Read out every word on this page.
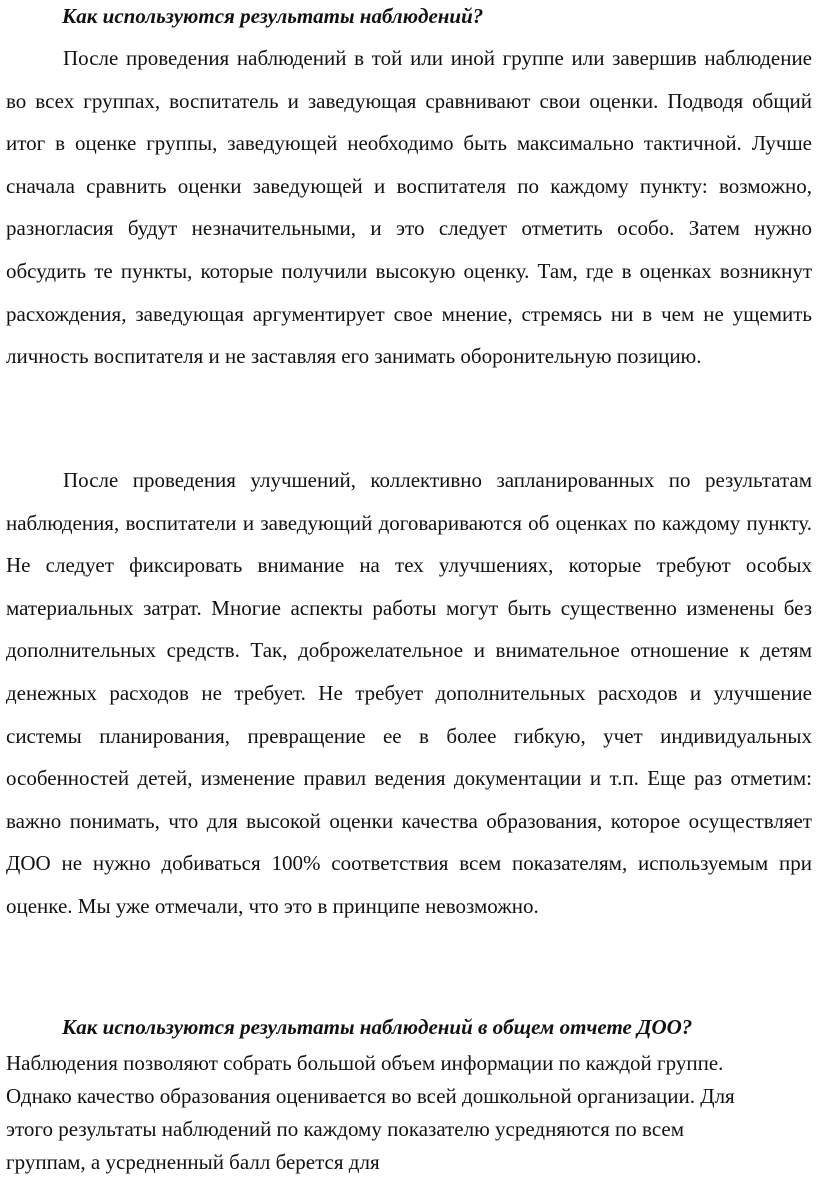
Как используются результаты наблюдений?

После проведения наблюдений в той или иной группе или завершив наблюдение во всех группах, воспитатель и заведующая сравнивают свои оценки. Подводя общий итог в оценке группы, заведующей необходимо быть максимально тактичной. Лучше сначала сравнить оценки заведующей и воспитателя по каждому пункту: возможно, разногласия будут незначительными, и это следует отметить особо. Затем нужно обсудить те пункты, которые получили высокую оценку. Там, где в оценках возникнут расхождения, заведующая аргументирует свое мнение, стремясь ни в чем не ущемить личность воспитателя и не заставляя его занимать оборонительную позицию.

После проведения улучшений, коллективно запланированных по результатам наблюдения, воспитатели и заведующий договариваются об оценках по каждому пункту. Не следует фиксировать внимание на тех улучшениях, которые требуют особых материальных затрат. Многие аспекты работы могут быть существенно изменены без дополнительных средств. Так, доброжелательное и внимательное отношение к детям денежных расходов не требует. Не требует дополнительных расходов и улучшение системы планирования, превращение ее в более гибкую, учет индивидуальных особенностей детей, изменение правил ведения документации и т.п. Еще раз отметим: важно понимать, что для высокой оценки качества образования, которое осуществляет ДОО не нужно добиваться 100% соответствия всем показателям, используемым при оценке. Мы уже отмечали, что это в принципе невозможно.

Как используются результаты наблюдений в общем отчете ДОО?

Наблюдения позволяют собрать большой объем информации по каждой группе. Однако качество образования оценивается во всей дошкольной организации. Для этого результаты наблюдений по каждому показателю усредняются по всем группам, а усредненный балл берется для
